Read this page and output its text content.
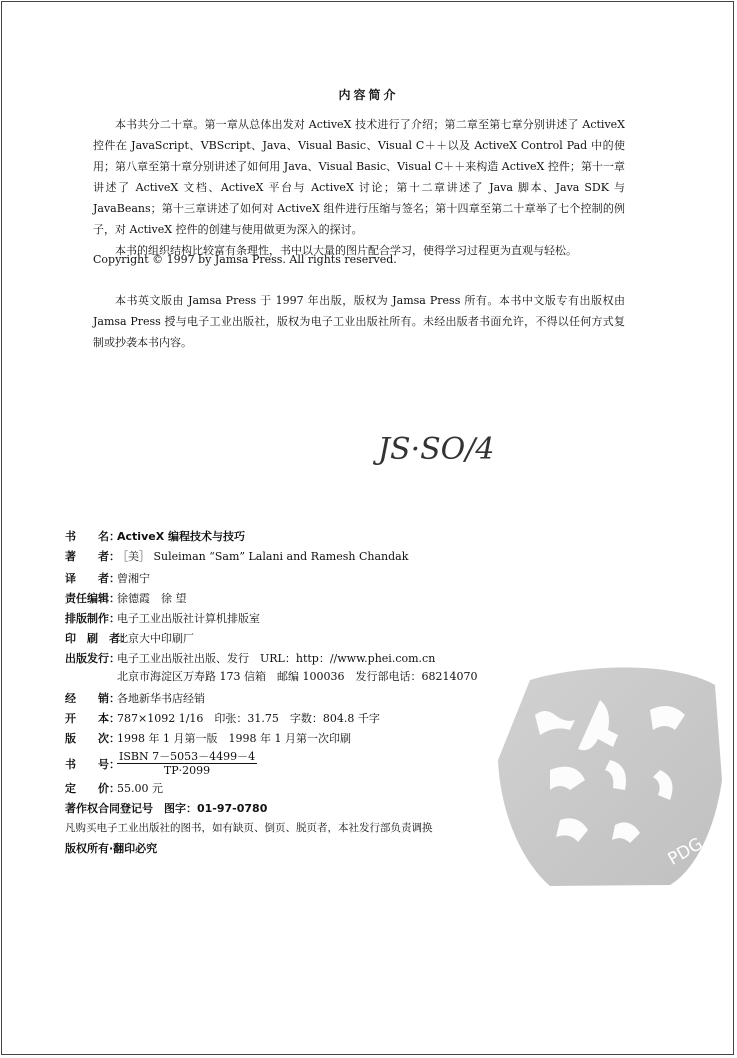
内容简介

本书共分二十章。第一章从总体出发对 ActiveX 技术进行了介绍；第二章至第七章分别讲述了 ActiveX 控件在 JavaScript、VBScript、Java、Visual Basic、Visual C＋＋以及 ActiveX Control Pad 中的使用；第八章至第十章分别讲述了如何用 Java、Visual Basic、Visual C＋＋来构造 ActiveX 控件；第十一章讲述了 ActiveX 文档、ActiveX 平台与 ActiveX 讨论；第十二章讲述了 Java 脚本、Java SDK 与 JavaBeans；第十三章讲述了如何对 ActiveX 组件进行压缩与签名；第十四章至第二十章举了七个控制的例子，对 ActiveX 控件的创建与使用做更为深入的探讨。

本书的组织结构比较富有条理性，书中以大量的图片配合学习，使得学习过程更为直观与轻松。

Copyright © 1997 by Jamsa Press. All rights reserved.

本书英文版由 Jamsa Press 于 1997 年出版，版权为 Jamsa Press 所有。本书中文版专有出版权由 Jamsa Press 授与电子工业出版社，版权为电子工业出版社所有。未经出版者书面允许，不得以任何方式复制或抄袭本书内容。

JS·SO/4
书　　名：
ActiveX 编程技术与技巧
著　　者：
［美］ Suleiman “Sam” Lalani and Ramesh Chandak
译　　者：
曾湘宁
责任编辑：
徐德霞　徐 望
排版制作：
电子工业出版社计算机排版室
印　刷　者：
北京大中印刷厂
出版发行：
电子工业出版社出版、发行　URL：http：//www.phei.com.cn
北京市海淀区万寿路 173 信箱　邮编 100036　发行部电话：68214070
经　　销：
各地新华书店经销
开　　本：
787×1092 1/16　印张：31.75　字数：804.8 千字
版　　次：
1998 年 1 月第一版　1998 年 1 月第一次印刷
书　　号：
ISBN 7－5053－4499－4
TP·2099
定　　价：
55.00 元
著作权合同登记号　图字：01-97-0780
凡购买电子工业出版社的图书，如有缺页、倒页、脱页者，本社发行部负责调换
版权所有·翻印必究	PDG
